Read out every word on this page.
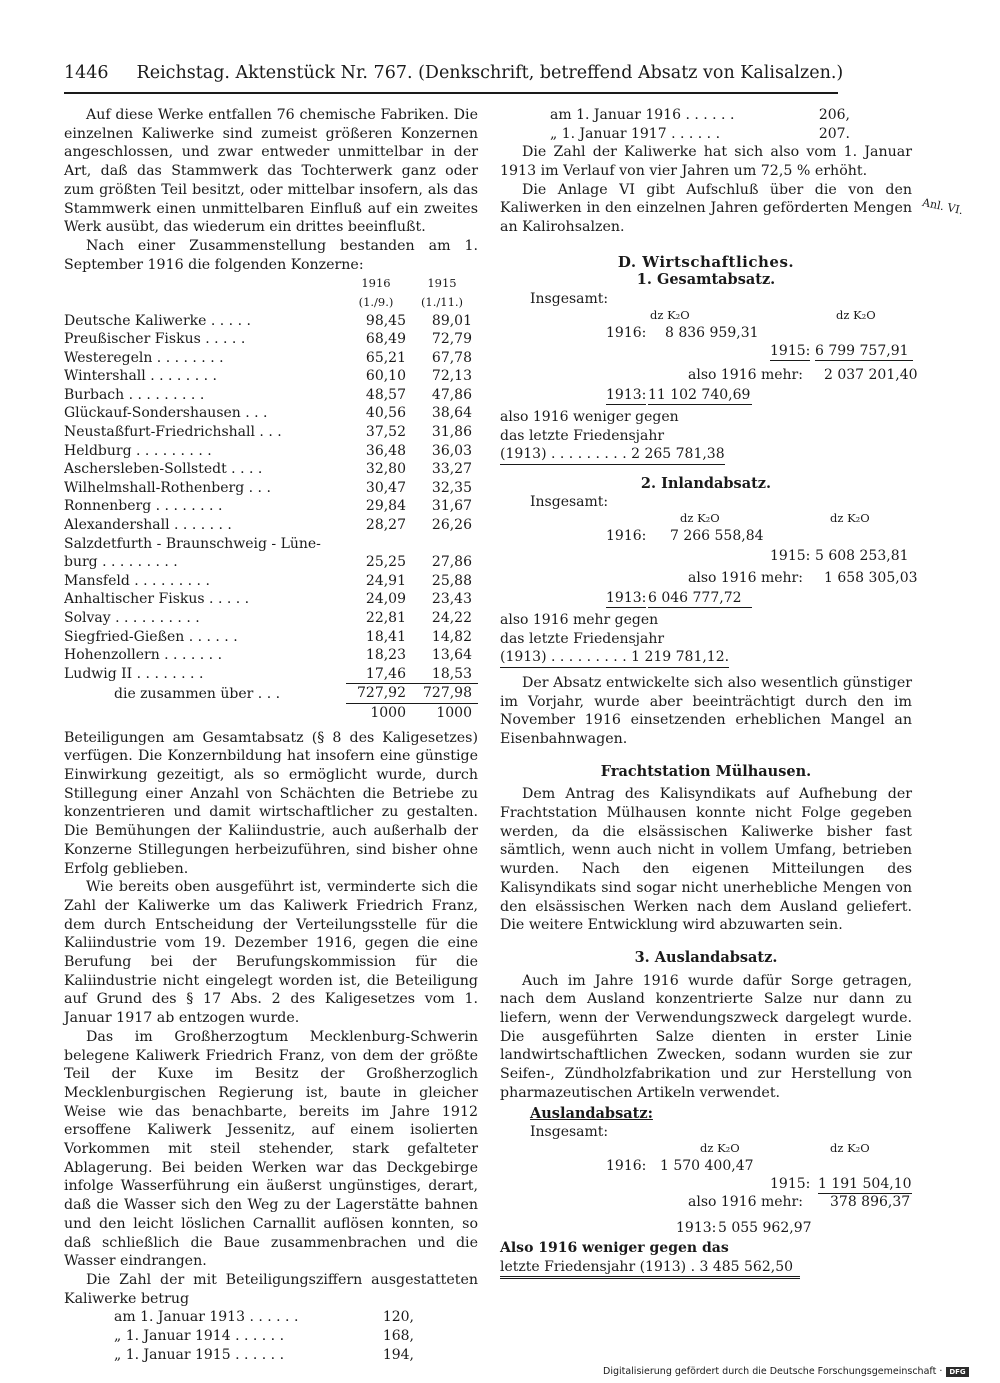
1446 Reichstag. Aktenstück Nr. 767. (Denkschrift, betreffend Absatz von Kalisalzen.)

Auf diese Werke entfallen 76 chemische Fabriken. Die einzelnen Kaliwerke sind zumeist größeren Konzernen angeschlossen, und zwar entweder unmittelbar in der Art, daß das Stammwerk das Tochterwerk ganz oder zum größten Teil besitzt, oder mittelbar insofern, als das Stammwerk einen unmittelbaren Einfluß auf ein zweites Werk ausübt, das wiederum ein drittes beeinflußt.

Nach einer Zusammenstellung bestanden am 1. September 1916 die folgenden Konzerne:

	1916 (1./9.)	1915 (1./11.)
Deutsche Kaliwerke . . . . .	98,45	89,01
Preußischer Fiskus . . . . .	68,49	72,79
Westeregeln . . . . . . . .	65,21	67,78
Wintershall . . . . . . . .	60,10	72,13
Burbach . . . . . . . . .	48,57	47,86
Glückauf-Sondershausen . . .	40,56	38,64
Neustaßfurt-Friedrichshall . . .	37,52	31,86
Heldburg . . . . . . . . .	36,48	36,03
Aschersleben-Sollstedt . . . .	32,80	33,27
Wilhelmshall-Rothenberg . . .	30,47	32,35
Ronnenberg . . . . . . . .	29,84	31,67
Alexandershall . . . . . . .	28,27	26,26
Salzdetfurth - Braunschweig - Lüne-		
burg . . . . . . . . .	25,25	27,86
Mansfeld . . . . . . . . .	24,91	25,88
Anhaltischer Fiskus . . . . .	24,09	23,43
Solvay . . . . . . . . . .	22,81	24,22
Siegfried-Gießen . . . . . .	18,41	14,82
Hohenzollern . . . . . . .	18,23	13,64
Ludwig II . . . . . . . .	17,46	18,53
die zusammen über . . .	727,92	727,98
	1000	1000

Beteiligungen am Gesamtabsatz (§ 8 des Kaligesetzes) verfügen. Die Konzernbildung hat insofern eine günstige Einwirkung gezeitigt, als so ermöglicht wurde, durch Stillegung einer Anzahl von Schächten die Betriebe zu konzentrieren und damit wirtschaftlicher zu gestalten. Die Bemühungen der Kaliindustrie, auch außerhalb der Konzerne Stillegungen herbeizuführen, sind bisher ohne Erfolg geblieben.

Wie bereits oben ausgeführt ist, verminderte sich die Zahl der Kaliwerke um das Kaliwerk Friedrich Franz, dem durch Entscheidung der Verteilungsstelle für die Kaliindustrie vom 19. Dezember 1916, gegen die eine Berufung bei der Berufungskommission für die Kaliindustrie nicht eingelegt worden ist, die Beteiligung auf Grund des § 17 Abs. 2 des Kaligesetzes vom 1. Januar 1917 ab entzogen wurde.

Das im Großherzogtum Mecklenburg-Schwerin belegene Kaliwerk Friedrich Franz, von dem der größte Teil der Kuxe im Besitz der Großherzoglich Mecklenburgischen Regierung ist, baute in gleicher Weise wie das benachbarte, bereits im Jahre 1912 ersoffene Kaliwerk Jessenitz, auf einem isolierten Vorkommen mit steil stehender, stark gefalteter Ablagerung. Bei beiden Werken war das Deckgebirge infolge Wasserführung ein äußerst ungünstiges, derart, daß die Wasser sich den Weg zu der Lagerstätte bahnen und den leicht löslichen Carnallit auflösen konnten, so daß schließlich die Baue zusammenbrachen und die Wasser eindrangen.

Die Zahl der mit Beteiligungsziffern ausgestatteten Kaliwerke betrug

am 1. Januar 1913 . . . . . .	120,
„ 1. Januar 1914 . . . . . .	168,
„ 1. Januar 1915 . . . . . .	194,
am 1. Januar 1916 . . . . . .	206,
„ 1. Januar 1917 . . . . . .	207.

Die Zahl der Kaliwerke hat sich also vom 1. Januar 1913 im Verlauf von vier Jahren um 72,5 % erhöht.

Die Anlage VI gibt Aufschluß über die von den Kaliwerken in den einzelnen Jahren geförderten Mengen an Kalirohsalzen.

D. Wirtschaftliches.

1. Gesamtabsatz.

Insgesamt:
dz K₂O	dz K₂O
1916: 8 836 959,31
1915: 6 799 757,91
also 1916 mehr: 2 037 201,40
1913: 11 102 740,69
also 1916 weniger gegen
das letzte Friedensjahr
(1913) . . . . . . . . . 2 265 781,38

2. Inlandabsatz.

Insgesamt:
dz K₂O	dz K₂O
1916: 7 266 558,84
1915: 5 608 253,81
also 1916 mehr: 1 658 305,03
1913: 6 046 777,72
also 1916 mehr gegen
das letzte Friedensjahr
(1913) . . . . . . . . . 1 219 781,12.

Der Absatz entwickelte sich also wesentlich günstiger im Vorjahr, wurde aber beeinträchtigt durch den im November 1916 einsetzenden erheblichen Mangel an Eisenbahnwagen.

Frachtstation Mülhausen.

Dem Antrag des Kalisyndikats auf Aufhebung der Frachtstation Mülhausen konnte nicht Folge gegeben werden, da die elsässischen Kaliwerke bisher fast sämtlich, wenn auch nicht in vollem Umfang, betrieben wurden. Nach den eigenen Mitteilungen des Kalisyndikats sind sogar nicht unerhebliche Mengen von den elsässischen Werken nach dem Ausland geliefert. Die weitere Entwicklung wird abzuwarten sein.

3. Auslandabsatz.

Auch im Jahre 1916 wurde dafür Sorge getragen, nach dem Ausland konzentrierte Salze nur dann zu liefern, wenn der Verwendungszweck dargelegt wurde. Die ausgeführten Salze dienten in erster Linie landwirtschaftlichen Zwecken, sodann wurden sie zur Seifen-, Zündholzfabrikation und zur Herstellung von pharmazeutischen Artikeln verwendet.

Auslandabsatz:

Insgesamt:
dz K₂O	dz K₂O
1916: 1 570 400,47
1915: 1 191 504,10
also 1916 mehr: 378 896,37
1913: 5 055 962,97
Also 1916 weniger gegen das
letzte Friedensjahr (1913) . 3 485 562,50
Anl. VI.
Digitalisierung gefördert durch die Deutsche Forschungsgemeinschaft ·	DFG
